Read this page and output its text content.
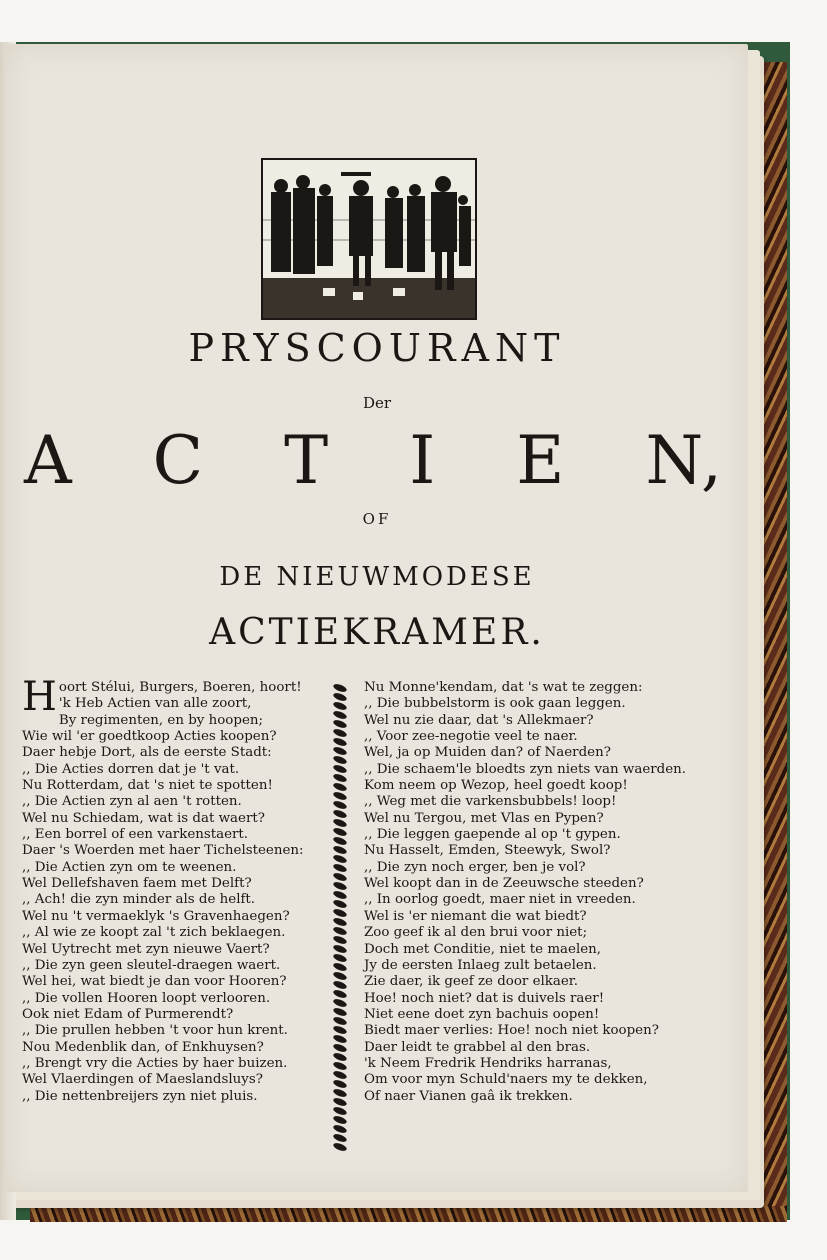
PRYSCOURANT
Der
A C T I E N,
OF
DE NIEUWMODESE
ACTIEKRAMER.
H oort Stélui, Burgers, Boeren, hoort!
'k Heb Actien van alle zoort,
By regimenten, en by hoopen;
Wie wil 'er goedtkoop Acties koopen?
Daer hebje Dort, als de eerste Stadt:
,, Die Acties dorren dat je 't vat.
Nu Rotterdam, dat 's niet te spotten!
,, Die Actien zyn al aen 't rotten.
Wel nu Schiedam, wat is dat waert?
,, Een borrel of een varkenstaert.
Daer 's Woerden met haer Tichelsteenen:
,, Die Actien zyn om te weenen.
Wel Dellefshaven faem met Delft?
,, Ach! die zyn minder als de helft.
Wel nu 't vermaeklyk 's Gravenhaegen?
,, Al wie ze koopt zal 't zich beklaegen.
Wel Uytrecht met zyn nieuwe Vaert?
,, Die zyn geen sleutel-draegen waert.
Wel hei, wat biedt je dan voor Hooren?
,, Die vollen Hooren loopt verlooren.
Ook niet Edam of Purmerendt?
,, Die prullen hebben 't voor hun krent.
Nou Medenblik dan, of Enkhuysen?
,, Brengt vry die Acties by haer buizen.
Wel Vlaerdingen of Maeslandsluys?
,, Die nettenbreijers zyn niet pluis.
Nu Monne'kendam, dat 's wat te zeggen:
,, Die bubbelstorm is ook gaan leggen.
Wel nu zie daar, dat 's Allekmaer?
,, Voor zee-negotie veel te naer.
Wel, ja op Muiden dan? of Naerden?
,, Die schaem'le bloedts zyn niets van waerden.
Kom neem op Wezop, heel goedt koop!
,, Weg met die varkensbubbels! loop!
Wel nu Tergou, met Vlas en Pypen?
,, Die leggen gaepende al op 't gypen.
Nu Hasselt, Emden, Steewyk, Swol?
,, Die zyn noch erger, ben je vol?
Wel koopt dan in de Zeeuwsche steeden?
,, In oorlog goedt, maer niet in vreeden.
Wel is 'er niemant die wat biedt?
Zoo geef ik al den brui voor niet;
Doch met Conditie, niet te maelen,
Jy de eersten Inlaeg zult betaelen.
Zie daer, ik geef ze door elkaer.
Hoe! noch niet? dat is duivels raer!
Niet eene doet zyn bachuis oopen!
Biedt maer verlies: Hoe! noch niet koopen?
Daer leidt te grabbel al den bras.
'k Neem Fredrik Hendriks harranas,
Om voor myn Schuld'naers my te dekken,
Of naer Vianen gaâ ik trekken.
